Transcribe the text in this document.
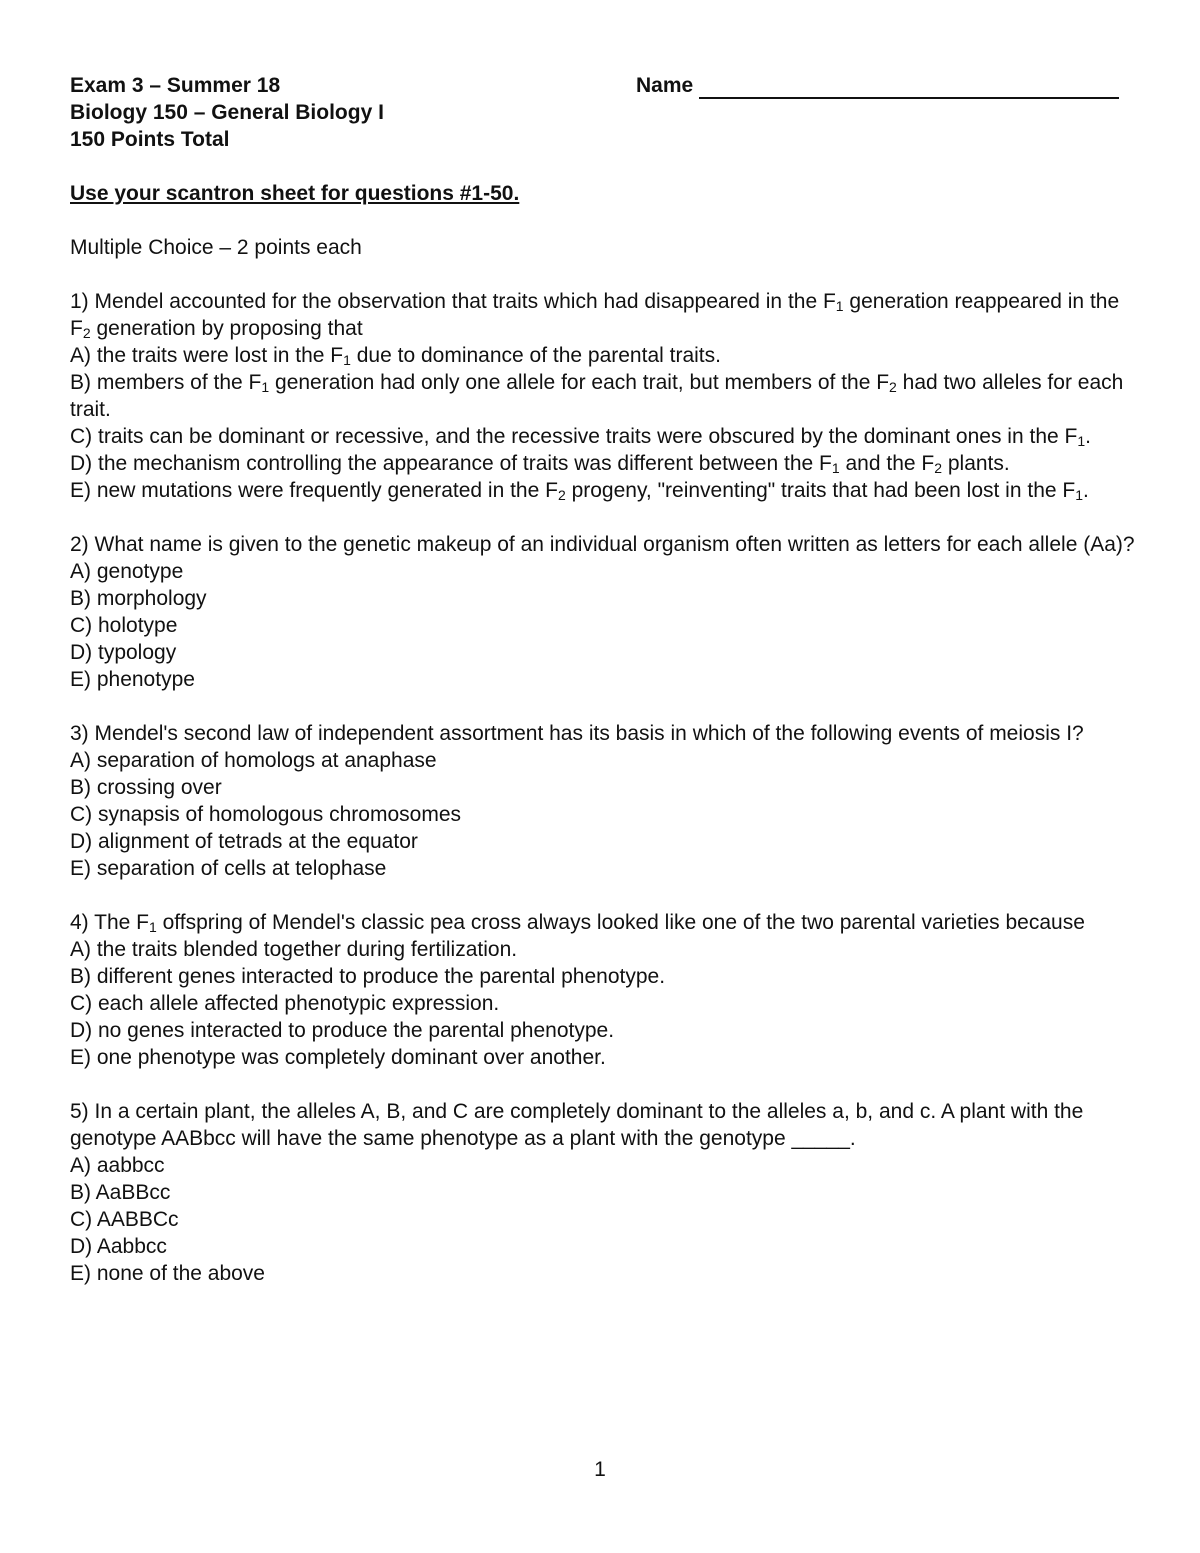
Exam 3 – Summer 18
Biology 150 – General Biology I
150 Points Total
Name
Use your scantron sheet for questions #1-50.
Multiple Choice – 2 points each
1) Mendel accounted for the observation that traits which had disappeared in the $F_1$ generation reappeared in the $F_2$ generation by proposing that
A) the traits were lost in the $F_1$ due to dominance of the parental traits.
B) members of the $F_1$ generation had only one allele for each trait, but members of the $F_2$ had two alleles for each trait.
C) traits can be dominant or recessive, and the recessive traits were obscured by the dominant ones in the $F_1$.
D) the mechanism controlling the appearance of traits was different between the $F_1$ and the $F_2$ plants.
E) new mutations were frequently generated in the $F_2$ progeny, "reinventing" traits that had been lost in the $F_1$.
2) What name is given to the genetic makeup of an individual organism often written as letters for each allele (Aa)?
A) genotype
B) morphology
C) holotype
D) typology
E) phenotype
3) Mendel's second law of independent assortment has its basis in which of the following events of meiosis I?
A) separation of homologs at anaphase
B) crossing over
C) synapsis of homologous chromosomes
D) alignment of tetrads at the equator
E) separation of cells at telophase
4) The $F_1$ offspring of Mendel's classic pea cross always looked like one of the two parental varieties because
A) the traits blended together during fertilization.
B) different genes interacted to produce the parental phenotype.
C) each allele affected phenotypic expression.
D) no genes interacted to produce the parental phenotype.
E) one phenotype was completely dominant over another.
5) In a certain plant, the alleles A, B, and C are completely dominant to the alleles a, b, and c. A plant with the genotype AABbcc will have the same phenotype as a plant with the genotype _____.
A) aabbcc
B) AaBBcc
C) AABBCc
D) Aabbcc
E) none of the above
1
